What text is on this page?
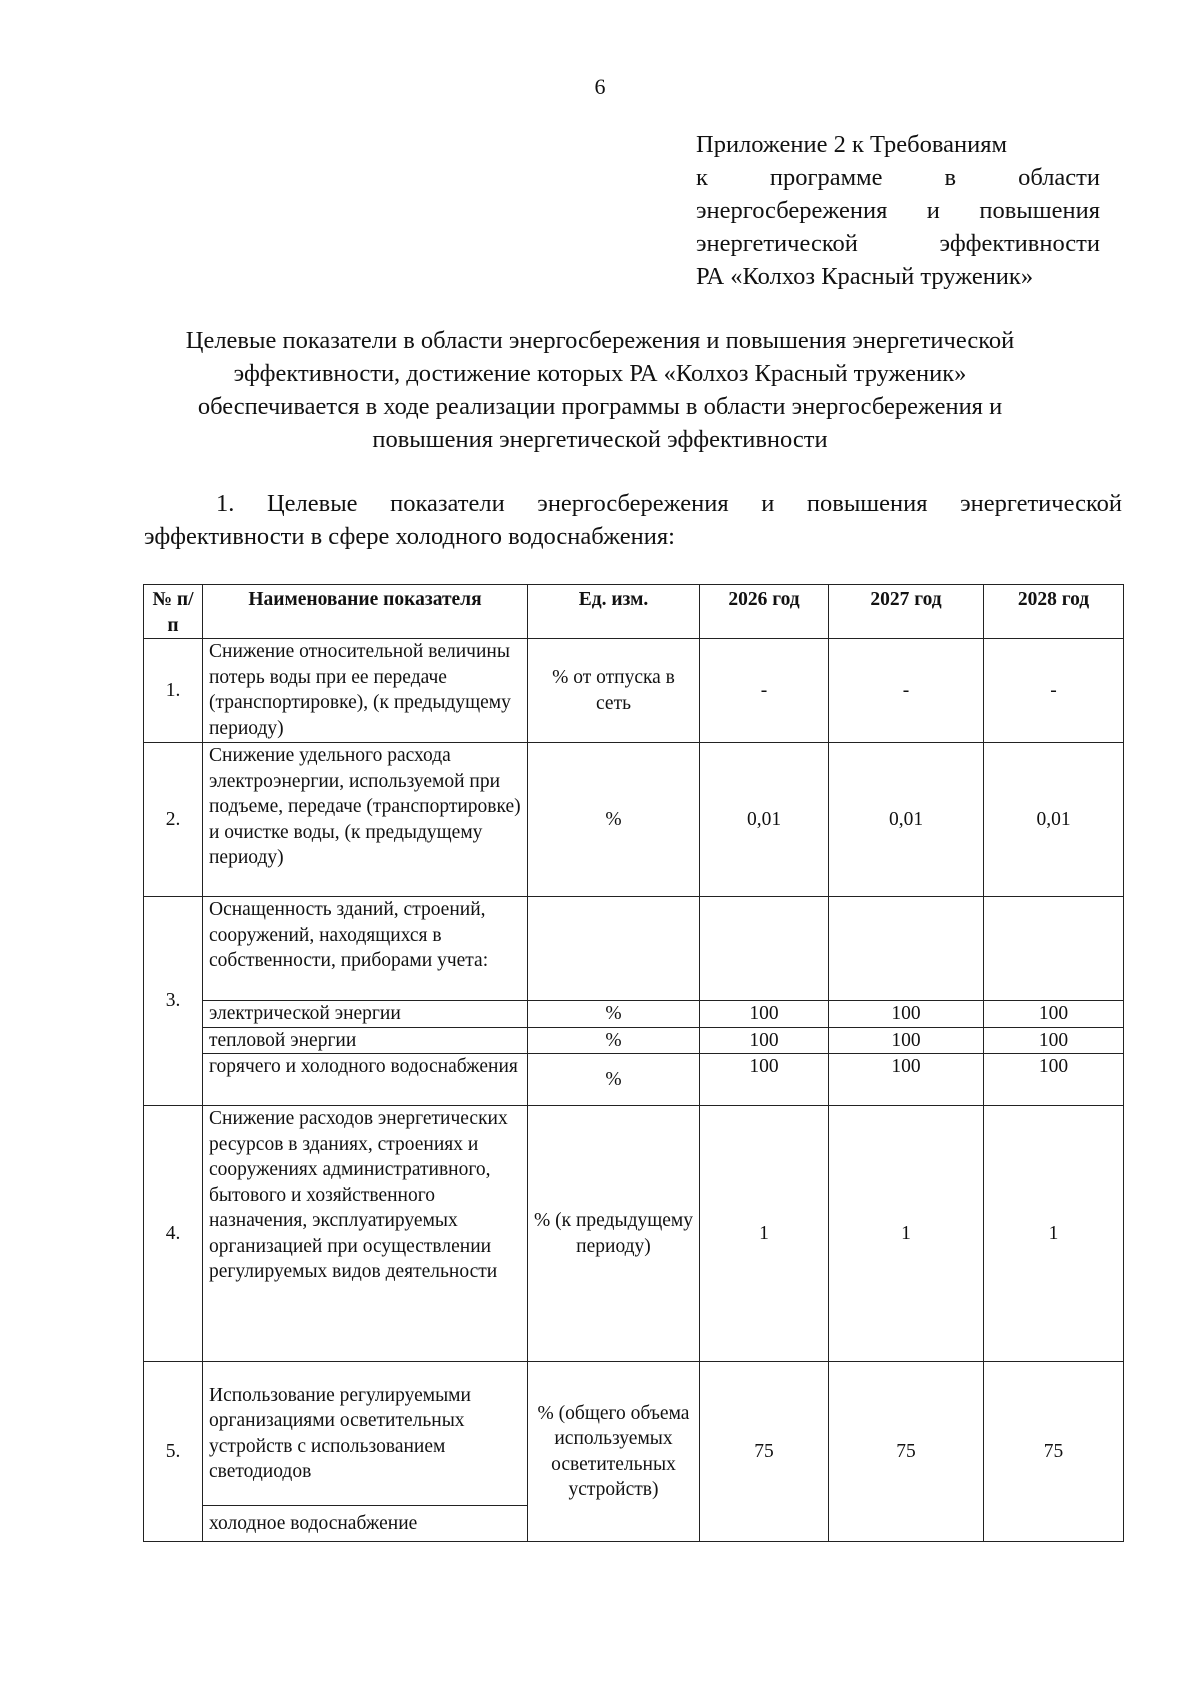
6
Приложение 2 к Требованиям
к программе в области
энергосбережения и повышения
энергетической эффективности
РА «Колхоз Красный труженик»
Целевые показатели в области энергосбережения и повышения энергетической
эффективности, достижение которых РА «Колхоз Красный труженик»
обеспечивается в ходе реализации программы в области энергосбережения и
повышения энергетической эффективности
1. Целевые показатели энергосбережения и повышения энергетической
эффективности в сфере холодного водоснабжения:
№ п/п	Наименование показателя	Ед. изм.	2026 год	2027 год	2028 год
1.	Снижение относительной величины потерь воды при ее передаче (транспортировке), (к предыдущему периоду)	% от отпуска в сеть	-	-	-
2.	Снижение удельного расхода электроэнергии, используемой при подъеме, передаче (транспортировке) и очистке воды, (к предыдущему периоду)	%	0,01	0,01	0,01
3.	Оснащенность зданий, строений, сооружений, находящихся в собственности, приборами учета:				
	электрической энергии	%	100	100	100
	тепловой энергии	%	100	100	100
	горячего и холодного водоснабжения	%	100	100	100
4.	Снижение расходов энергетических ресурсов в зданиях, строениях и сооружениях административного, бытового и хозяйственного назначения, эксплуатируемых организацией при осуществлении регулируемых видов деятельности	% (к предыдущему периоду)	1	1	1
5.	Использование регулируемыми организациями осветительных устройств с использованием светодиодов	% (общего объема используемых осветительных устройств)	75	75	75
	холодное водоснабжение				
